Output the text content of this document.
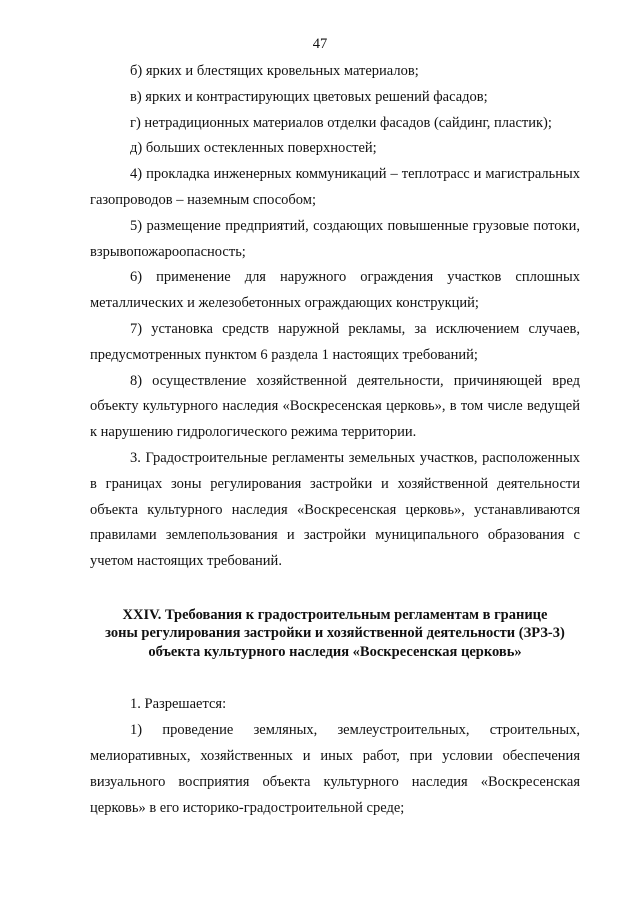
47

б) ярких и блестящих кровельных материалов;

в) ярких и контрастирующих цветовых решений фасадов;

г) нетрадиционных материалов отделки фасадов (сайдинг, пластик);

д) больших остекленных поверхностей;

4) прокладка инженерных коммуникаций – теплотрасс и магистральных газопроводов – наземным способом;

5) размещение предприятий, создающих повышенные грузовые потоки, взрывопожароопасность;

6) применение для наружного ограждения участков сплошных металлических и железобетонных ограждающих конструкций;

7) установка средств наружной рекламы, за исключением случаев, предусмотренных пунктом 6 раздела 1 настоящих требований;

8) осуществление хозяйственной деятельности, причиняющей вред объекту культурного наследия «Воскресенская церковь», в том числе ведущей к нарушению гидрологического режима территории.

3. Градостроительные регламенты земельных участков, расположенных в границах зоны регулирования застройки и хозяйственной деятельности объекта культурного наследия «Воскресенская церковь», устанавливаются правилами землепользования и застройки муниципального образования с учетом настоящих требований.

XXIV. Требования к градостроительным регламентам в границе
зоны регулирования застройки и хозяйственной деятельности (ЗРЗ-3)
объекта культурного наследия «Воскресенская церковь»

1. Разрешается:

1) проведение земляных, землеустроительных, строительных, мелиоративных, хозяйственных и иных работ, при условии обеспечения визуального восприятия объекта культурного наследия «Воскресенская церковь» в его историко-градостроительной среде;
